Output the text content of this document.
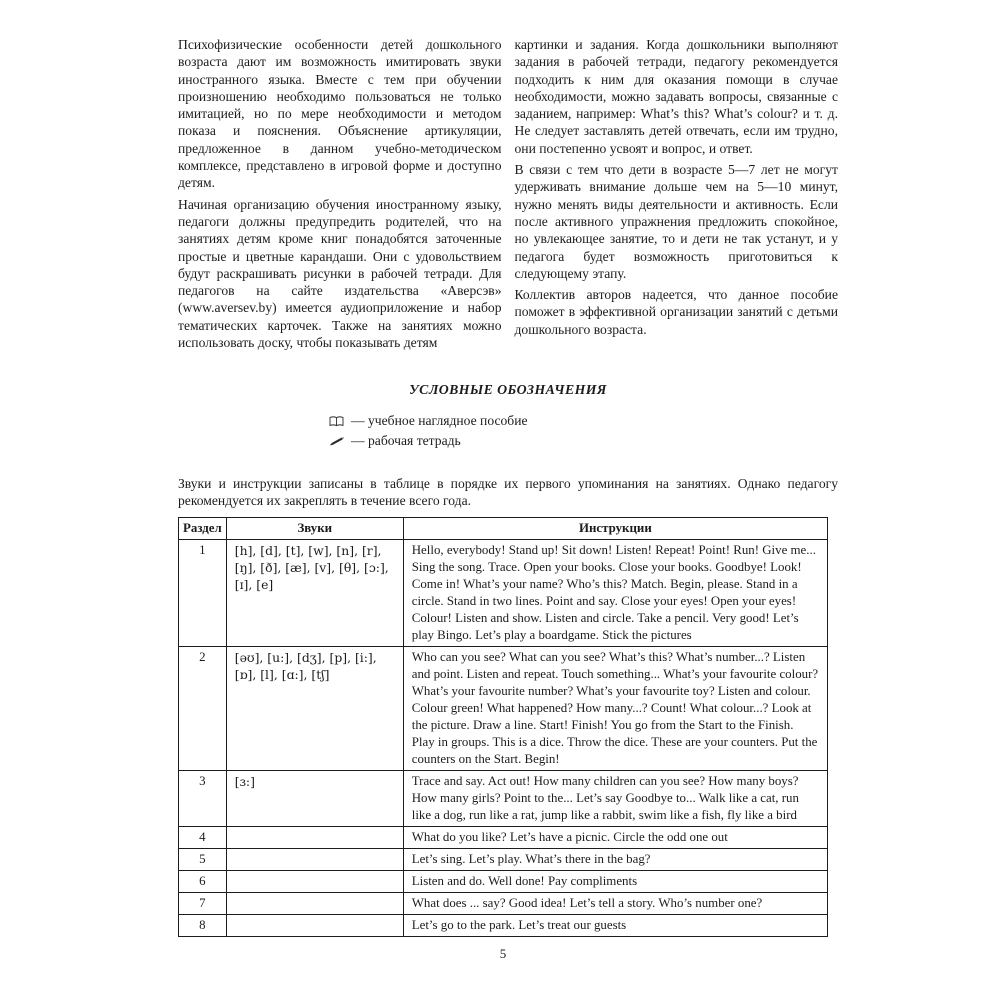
Психофизические особенности детей дошкольного возраста дают им возможность имитировать звуки иностранного языка. Вместе с тем при обучении произношению необходимо пользоваться не только имитацией, но по мере необходимости и методом показа и пояснения. Объяснение артикуляции, предложенное в данном учебно-методическом комплексе, представлено в игровой форме и доступно детям.

Начиная организацию обучения иностранному языку, педагоги должны предупредить родителей, что на занятиях детям кроме книг понадобятся заточенные простые и цветные карандаши. Они с удовольствием будут раскрашивать рисунки в рабочей тетради. Для педагогов на сайте издательства «Аверсэв» (www.aversev.by) имеется аудиоприложение и набор тематических карточек. Также на занятиях можно использовать доску, чтобы показывать детям

картинки и задания. Когда дошкольники выполняют задания в рабочей тетради, педагогу рекомендуется подходить к ним для оказания помощи в случае необходимости, можно задавать вопросы, связанные с заданием, например: What’s this? What’s colour? и т. д. Не следует заставлять детей отвечать, если им трудно, они постепенно усвоят и вопрос, и ответ.

В связи с тем что дети в возрасте 5—7 лет не могут удерживать внимание дольше чем на 5—10 минут, нужно менять виды деятельности и активность. Если после активного упражнения предложить спокойное, но увлекающее занятие, то и дети не так устанут, и у педагога будет возможность приготовиться к следующему этапу.

Коллектив авторов надеется, что данное пособие поможет в эффективной организации занятий с детьми дошкольного возраста.

УСЛОВНЫЕ ОБОЗНАЧЕНИЯ
— учебное наглядное пособие
— рабочая тетрадь

Звуки и инструкции записаны в таблице в порядке их первого упоминания на занятиях. Однако педагогу рекомендуется их закреплять в течение всего года.

Раздел	Звуки	Инструкции
1	[h], [d], [t], [w], [n], [r], [ŋ], [ð], [æ], [v], [θ], [ɔ:], [ɪ], [e]	Hello, everybody! Stand up! Sit down! Listen! Repeat! Point! Run! Give me... Sing the song. Trace. Open your books. Close your books. Goodbye! Look! Come in! What’s your name? Who’s this? Match. Begin, please. Stand in a circle. Stand in two lines. Point and say. Close your eyes! Open your eyes! Colour! Listen and show. Listen and circle. Take a pencil. Very good! Let’s play Bingo. Let’s play a boardgame. Stick the pictures
2	[əʊ], [u:], [dʒ], [p], [i:], [ɒ], [l], [ɑ:], [tʃ]	Who can you see? What can you see? What’s this? What’s number...? Listen and point. Listen and repeat. Touch something... What’s your favourite colour? What’s your favourite number? What’s your favourite toy? Listen and colour. Colour green! What happened? How many...? Count! What colour...? Look at the picture. Draw a line. Start! Finish! You go from the Start to the Finish. Play in groups. This is a dice. Throw the dice. These are your counters. Put the counters on the Start. Begin!
3	[ɜ:]	Trace and say. Act out! How many children can you see? How many boys? How many girls? Point to the... Let’s say Goodbye to... Walk like a cat, run like a dog, run like a rat, jump like a rabbit, swim like a fish, fly like a bird
4		What do you like? Let’s have a picnic. Circle the odd one out
5		Let’s sing. Let’s play. What’s there in the bag?
6		Listen and do. Well done! Pay compliments
7		What does ... say? Good idea! Let’s tell a story. Who’s number one?
8		Let’s go to the park. Let’s treat our guests
5
